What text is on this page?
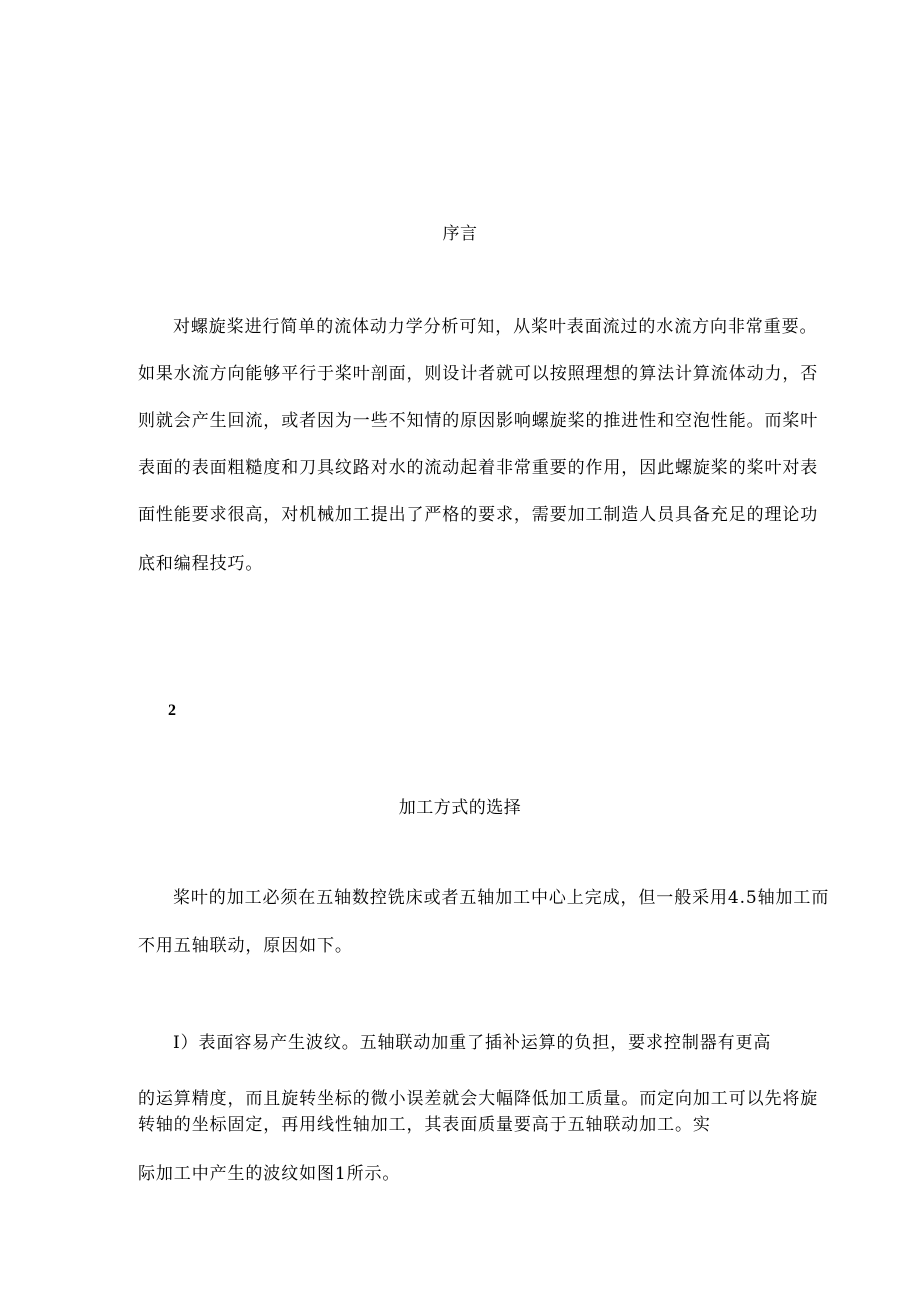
序言

对螺旋桨进行简单的流体动力学分析可知，从桨叶表面流过的水流方向非常重要。

如果水流方向能够平行于桨叶剖面，则设计者就可以按照理想的算法计算流体动力，否

则就会产生回流，或者因为一些不知情的原因影响螺旋桨的推进性和空泡性能。而桨叶

表面的表面粗糙度和刀具纹路对水的流动起着非常重要的作用，因此螺旋桨的桨叶对表

面性能要求很高，对机械加工提出了严格的要求，需要加工制造人员具备充足的理论功

底和编程技巧。

2

加工方式的选择

桨叶的加工必须在五轴数控铣床或者五轴加工中心上完成，但一般采用4.5轴加工而

不用五轴联动，原因如下。

I）表面容易产生波纹。五轴联动加重了插补运算的负担，要求控制器有更高

的运算精度，而且旋转坐标的微小误差就会大幅降低加工质量。而定向加工可以先将旋

转轴的坐标固定，再用线性轴加工，其表面质量要高于五轴联动加工。实

际加工中产生的波纹如图1所示。
